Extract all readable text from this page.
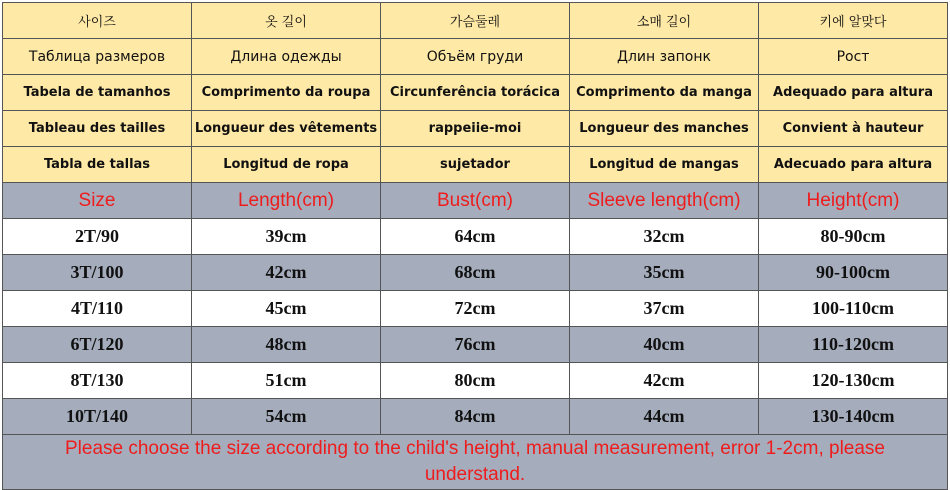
사이즈	옷 길이	가슴둘레	소매 길이	키에 알맞다
Таблица размеров	Длина одежды	Объём груди	Длин запонк	Рост
Tabela de tamanhos	Comprimento da roupa	Circunferência torácica	Comprimento da manga	Adequado para altura
Tableau des tailles	Longueur des vêtements	rappeiie-moi	Longueur des manches	Convient à hauteur
Tabla de tallas	Longitud de ropa	sujetador	Longitud de mangas	Adecuado para altura
Size	Length(cm)	Bust(cm)	Sleeve length(cm)	Height(cm)
2T/90	39cm	64cm	32cm	80-90cm
3T/100	42cm	68cm	35cm	90-100cm
4T/110	45cm	72cm	37cm	100-110cm
6T/120	48cm	76cm	40cm	110-120cm
8T/130	51cm	80cm	42cm	120-130cm
10T/140	54cm	84cm	44cm	130-140cm
Please choose the size according to the child's height, manual measurement, error 1-2cm, please understand.				
